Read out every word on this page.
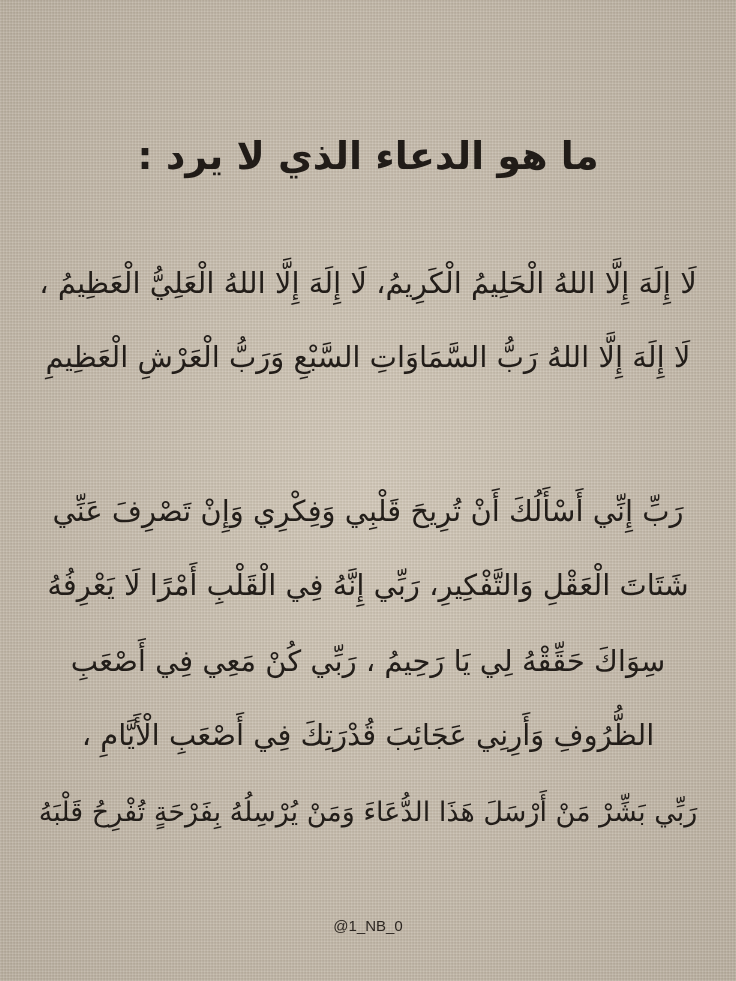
ما هو الدعاء الذي لا يرد :
لَا إِلَهَ إِلَّا اللهُ الْحَلِيمُ الْكَرِيمُ، لَا إِلَهَ إِلَّا اللهُ الْعَلِيُّ الْعَظِيمُ ،
لَا إِلَهَ إِلَّا اللهُ رَبُّ السَّمَاوَاتِ السَّبْعِ وَرَبُّ الْعَرْشِ الْعَظِيمِ
رَبِّ إِنِّي أَسْأَلُكَ أَنْ تُرِيحَ قَلْبِي وَفِكْرِي وَإِنْ تَصْرِفَ عَنِّي
شَتَاتَ الْعَقْلِ وَالتَّفْكِيرِ، رَبِّي إِنَّهُ فِي الْقَلْبِ أَمْرًا لَا يَعْرِفُهُ
سِوَاكَ حَقِّقْهُ لِي يَا رَحِيمُ ، رَبِّي كُنْ مَعِي فِي أَصْعَبِ
الظُّرُوفِ وَأَرِنِي عَجَائِبَ قُدْرَتِكَ فِي أَصْعَبِ الْأَيَّامِ ،
رَبِّي بَشِّرْ مَنْ أَرْسَلَ هَذَا الدُّعَاءَ وَمَنْ يُرْسِلُهُ بِفَرْحَةٍ تُفْرِحُ قَلْبَهُ
@1_NB_0
